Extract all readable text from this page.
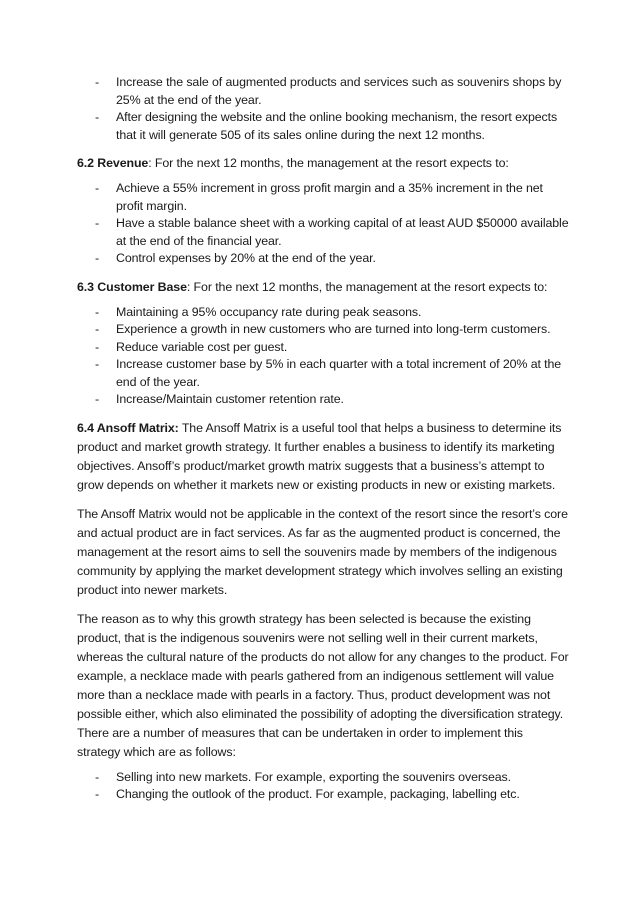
- Increase the sale of augmented products and services such as souvenirs shops by 25% at the end of the year.
- After designing the website and the online booking mechanism, the resort expects that it will generate 505 of its sales online during the next 12 months.

6.2 Revenue: For the next 12 months, the management at the resort expects to:

- Achieve a 55% increment in gross profit margin and a 35% increment in the net profit margin.
- Have a stable balance sheet with a working capital of at least AUD $50000 available at the end of the financial year.
- Control expenses by 20% at the end of the year.

6.3 Customer Base: For the next 12 months, the management at the resort expects to:

- Maintaining a 95% occupancy rate during peak seasons.
- Experience a growth in new customers who are turned into long-term customers.
- Reduce variable cost per guest.
- Increase customer base by 5% in each quarter with a total increment of 20% at the end of the year.
- Increase/Maintain customer retention rate.

6.4 Ansoff Matrix: The Ansoff Matrix is a useful tool that helps a business to determine its product and market growth strategy. It further enables a business to identify its marketing objectives. Ansoff’s product/market growth matrix suggests that a business’s attempt to grow depends on whether it markets new or existing products in new or existing markets.

The Ansoff Matrix would not be applicable in the context of the resort since the resort’s core and actual product are in fact services. As far as the augmented product is concerned, the management at the resort aims to sell the souvenirs made by members of the indigenous community by applying the market development strategy which involves selling an existing product into newer markets.

The reason as to why this growth strategy has been selected is because the existing product, that is the indigenous souvenirs were not selling well in their current markets, whereas the cultural nature of the products do not allow for any changes to the product. For example, a necklace made with pearls gathered from an indigenous settlement will value more than a necklace made with pearls in a factory. Thus, product development was not possible either, which also eliminated the possibility of adopting the diversification strategy. There are a number of measures that can be undertaken in order to implement this strategy which are as follows:

- Selling into new markets. For example, exporting the souvenirs overseas.
- Changing the outlook of the product. For example, packaging, labelling etc.
